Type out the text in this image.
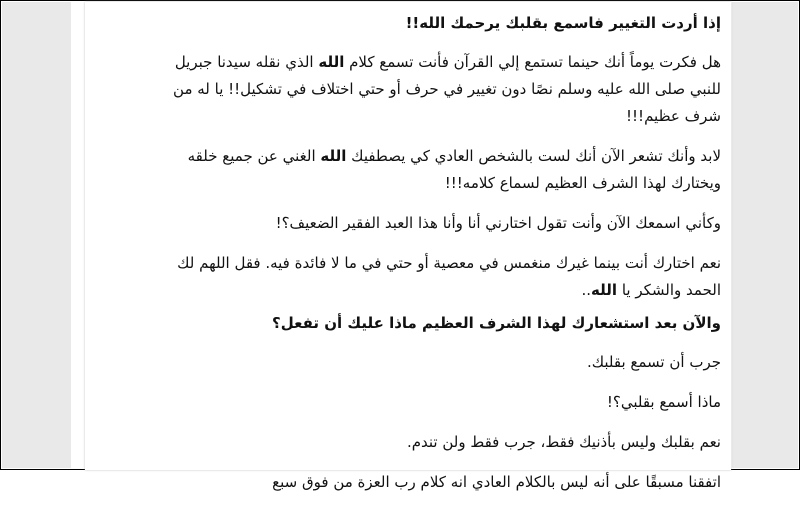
إذا أردت التغيير فاسمع بقلبك يرحمك الله!!

هل فكرت يوماً أنك حينما تستمع إلي القرآن فأنت تسمع كلام الله الذي نقله سيدنا جبريل للنبي صلى الله عليه وسلم نصًا دون تغيير في حرف أو حتي اختلاف في تشكيل!! يا له من شرف عظيم!!!

لابد وأنك تشعر الآن أنك لست بالشخص العادي كي يصطفيك الله الغني عن جميع خلقه ويختارك لهذا الشرف العظيم لسماع كلامه!!!

وكأني اسمعك الآن وأنت تقول اختارني أنا وأنا هذا العبد الفقير الضعيف؟!

نعم اختارك أنت بينما غيرك منغمس في معصية أو حتي في ما لا فائدة فيه. فقل اللهم لك الحمد والشكر يا الله..

والآن بعد استشعارك لهذا الشرف العظيم ماذا عليك أن تفعل؟

جرب أن تسمع بقلبك.

ماذا أسمع بقلبي؟!

نعم بقلبك وليس بأذنيك فقط، جرب فقط ولن تندم.

اتفقنا مسبقًا على أنه ليس بالكلام العادي انه كلام رب العزة من فوق سبع
